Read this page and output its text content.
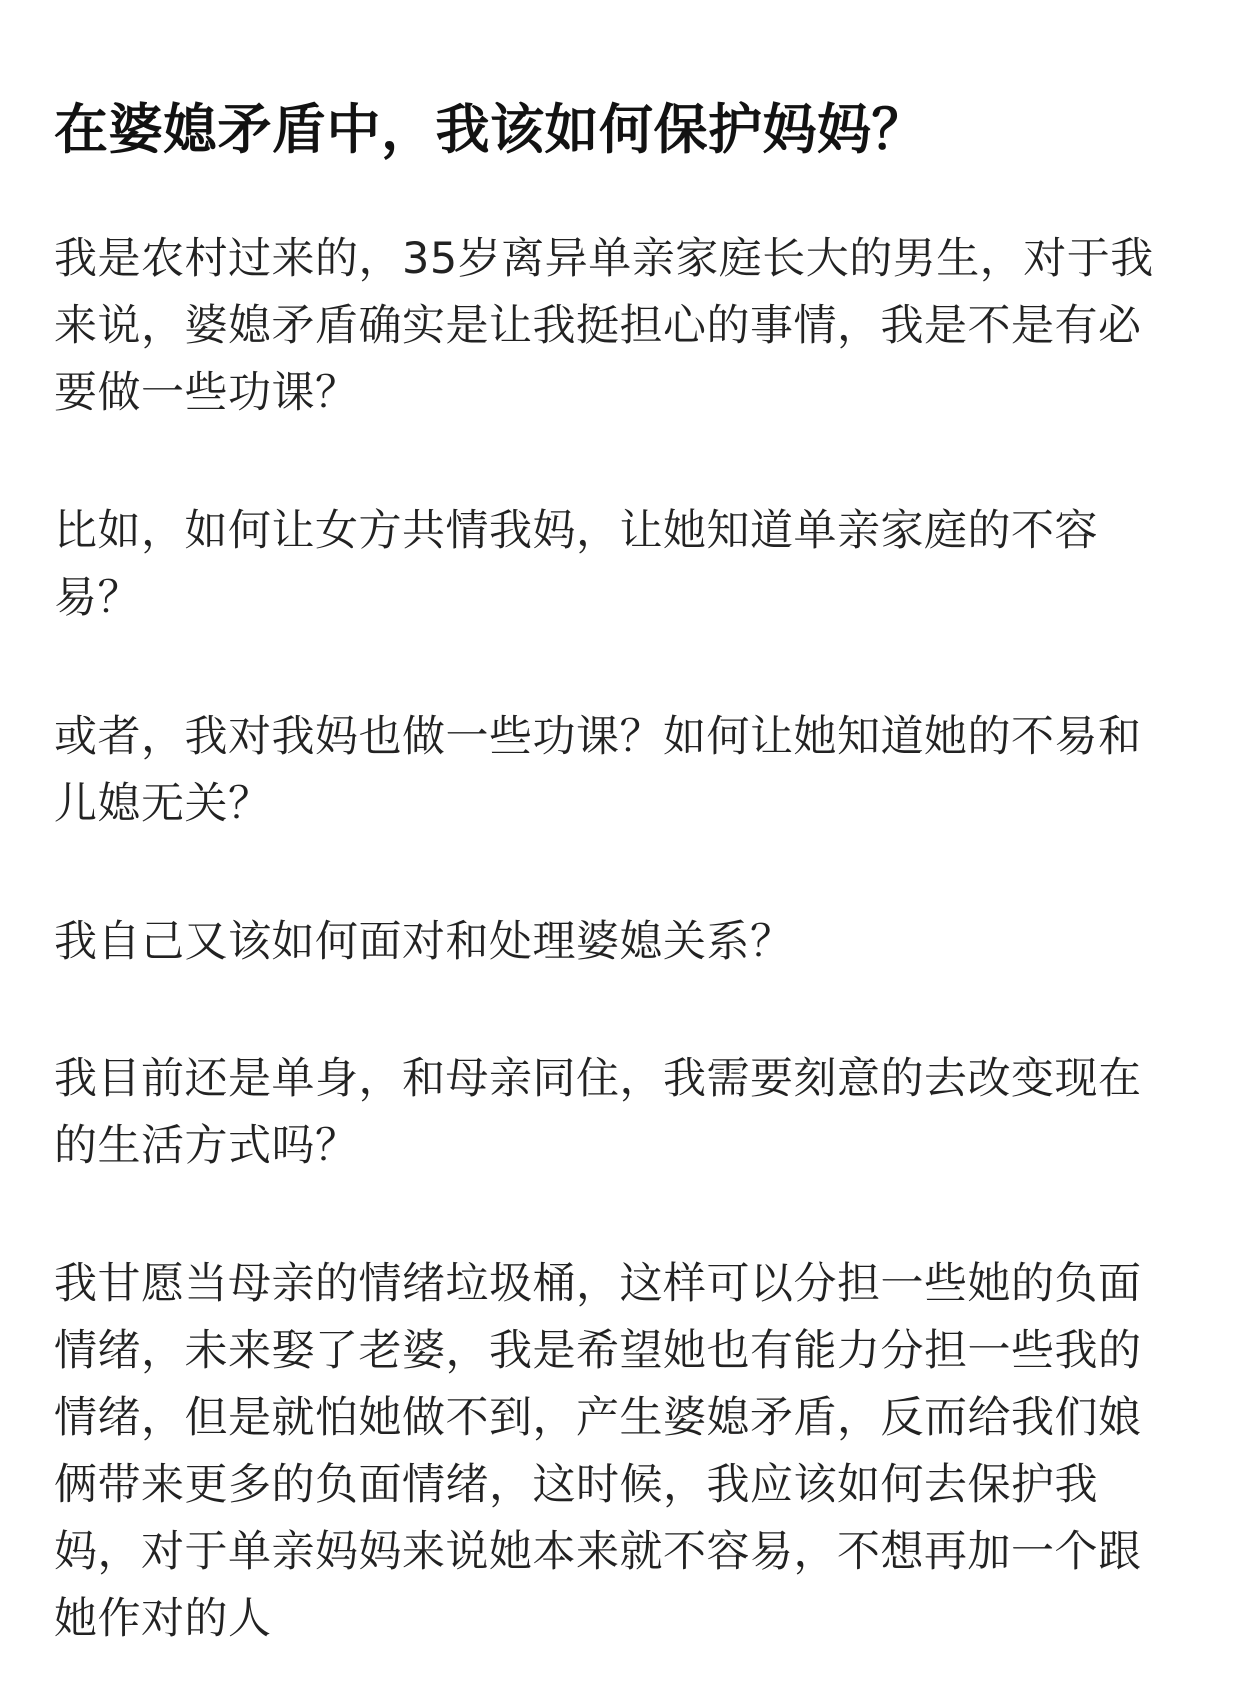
在婆媳矛盾中，我该如何保护妈妈？

我是农村过来的，35岁离异单亲家庭长大的男生，对于我来说，婆媳矛盾确实是让我挺担心的事情，我是不是有必要做一些功课？

比如，如何让女方共情我妈，让她知道单亲家庭的不容易？

或者，我对我妈也做一些功课？如何让她知道她的不易和儿媳无关？

我自己又该如何面对和处理婆媳关系？

我目前还是单身，和母亲同住，我需要刻意的去改变现在的生活方式吗？

我甘愿当母亲的情绪垃圾桶，这样可以分担一些她的负面情绪，未来娶了老婆，我是希望她也有能力分担一些我的情绪，但是就怕她做不到，产生婆媳矛盾，反而给我们娘俩带来更多的负面情绪，这时候，我应该如何去保护我妈，对于单亲妈妈来说她本来就不容易，不想再加一个跟她作对的人
